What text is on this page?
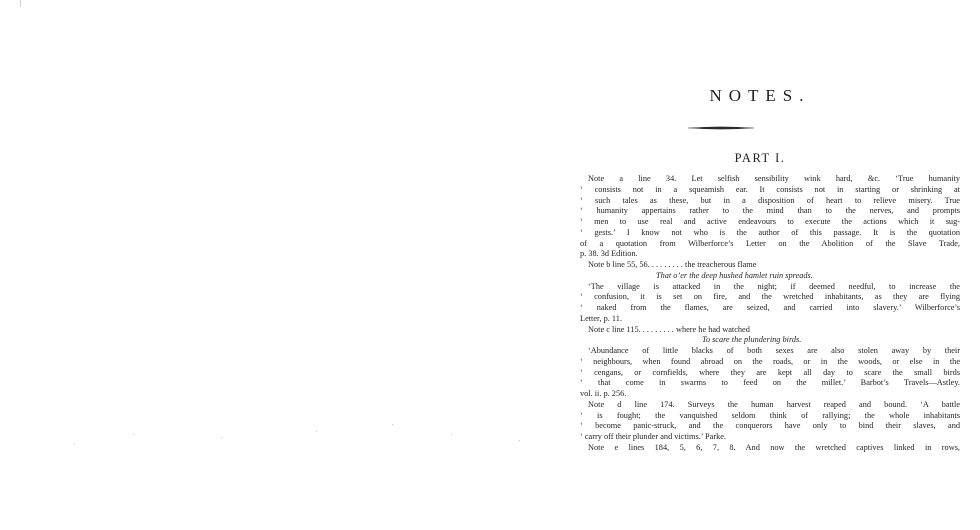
NOTES.
PART I.
Note a line 34. Let selfish sensibility wink hard, &c. ‘True humanity
‘ consists not in a squeamish ear. It consists not in starting or shrinking at
‘ such tales as these, but in a disposition of heart to relieve misery. True
‘ humanity appertains rather to the mind than to the nerves, and prompts
‘ men to use real and active endeavours to execute the actions which it sug-
‘ gests.’ I know not who is the author of this passage. It is the quotation
of a quotation from Wilberforce’s Letter on the Abolition of the Slave Trade,
p. 38. 3d Edition.
Note b line 55, 56. . . . . . . . . the treacherous flame
That o’er the deep hushed hamlet ruin spreads.
‘The village is attacked in the night; if deemed needful, to increase the
‘ confusion, it is set on fire, and the wretched inhabitants, as they are flying
‘ naked from the flames, are seized, and carried into slavery.’ Wilberforce’s
Letter, p. 11.
Note c line 115. . . . . . . . . where he had watched
To scare the plundering birds.
‘Abundance of little blacks of both sexes are also stolen away by their
‘ neighbours, when found abroad on the roads, or in the woods, or else in the
‘ cengans, or cornfields, where they are kept all day to scare the small birds
‘ that come in swarms to feed on the millet.’ Barbot’s Travels—Astley.
vol. ii. p. 256.
Note d line 174. Surveys the human harvest reaped and bound. ‘A battle
‘ is fought; the vanquished seldom think of rallying; the whole inhabitants
‘ become panic-struck, and the conquerors have only to bind their slaves, and
‘ carry off their plunder and victims.’ Parke.
Note e lines 184, 5, 6, 7, 8. And now the wretched captives linked in rows,
